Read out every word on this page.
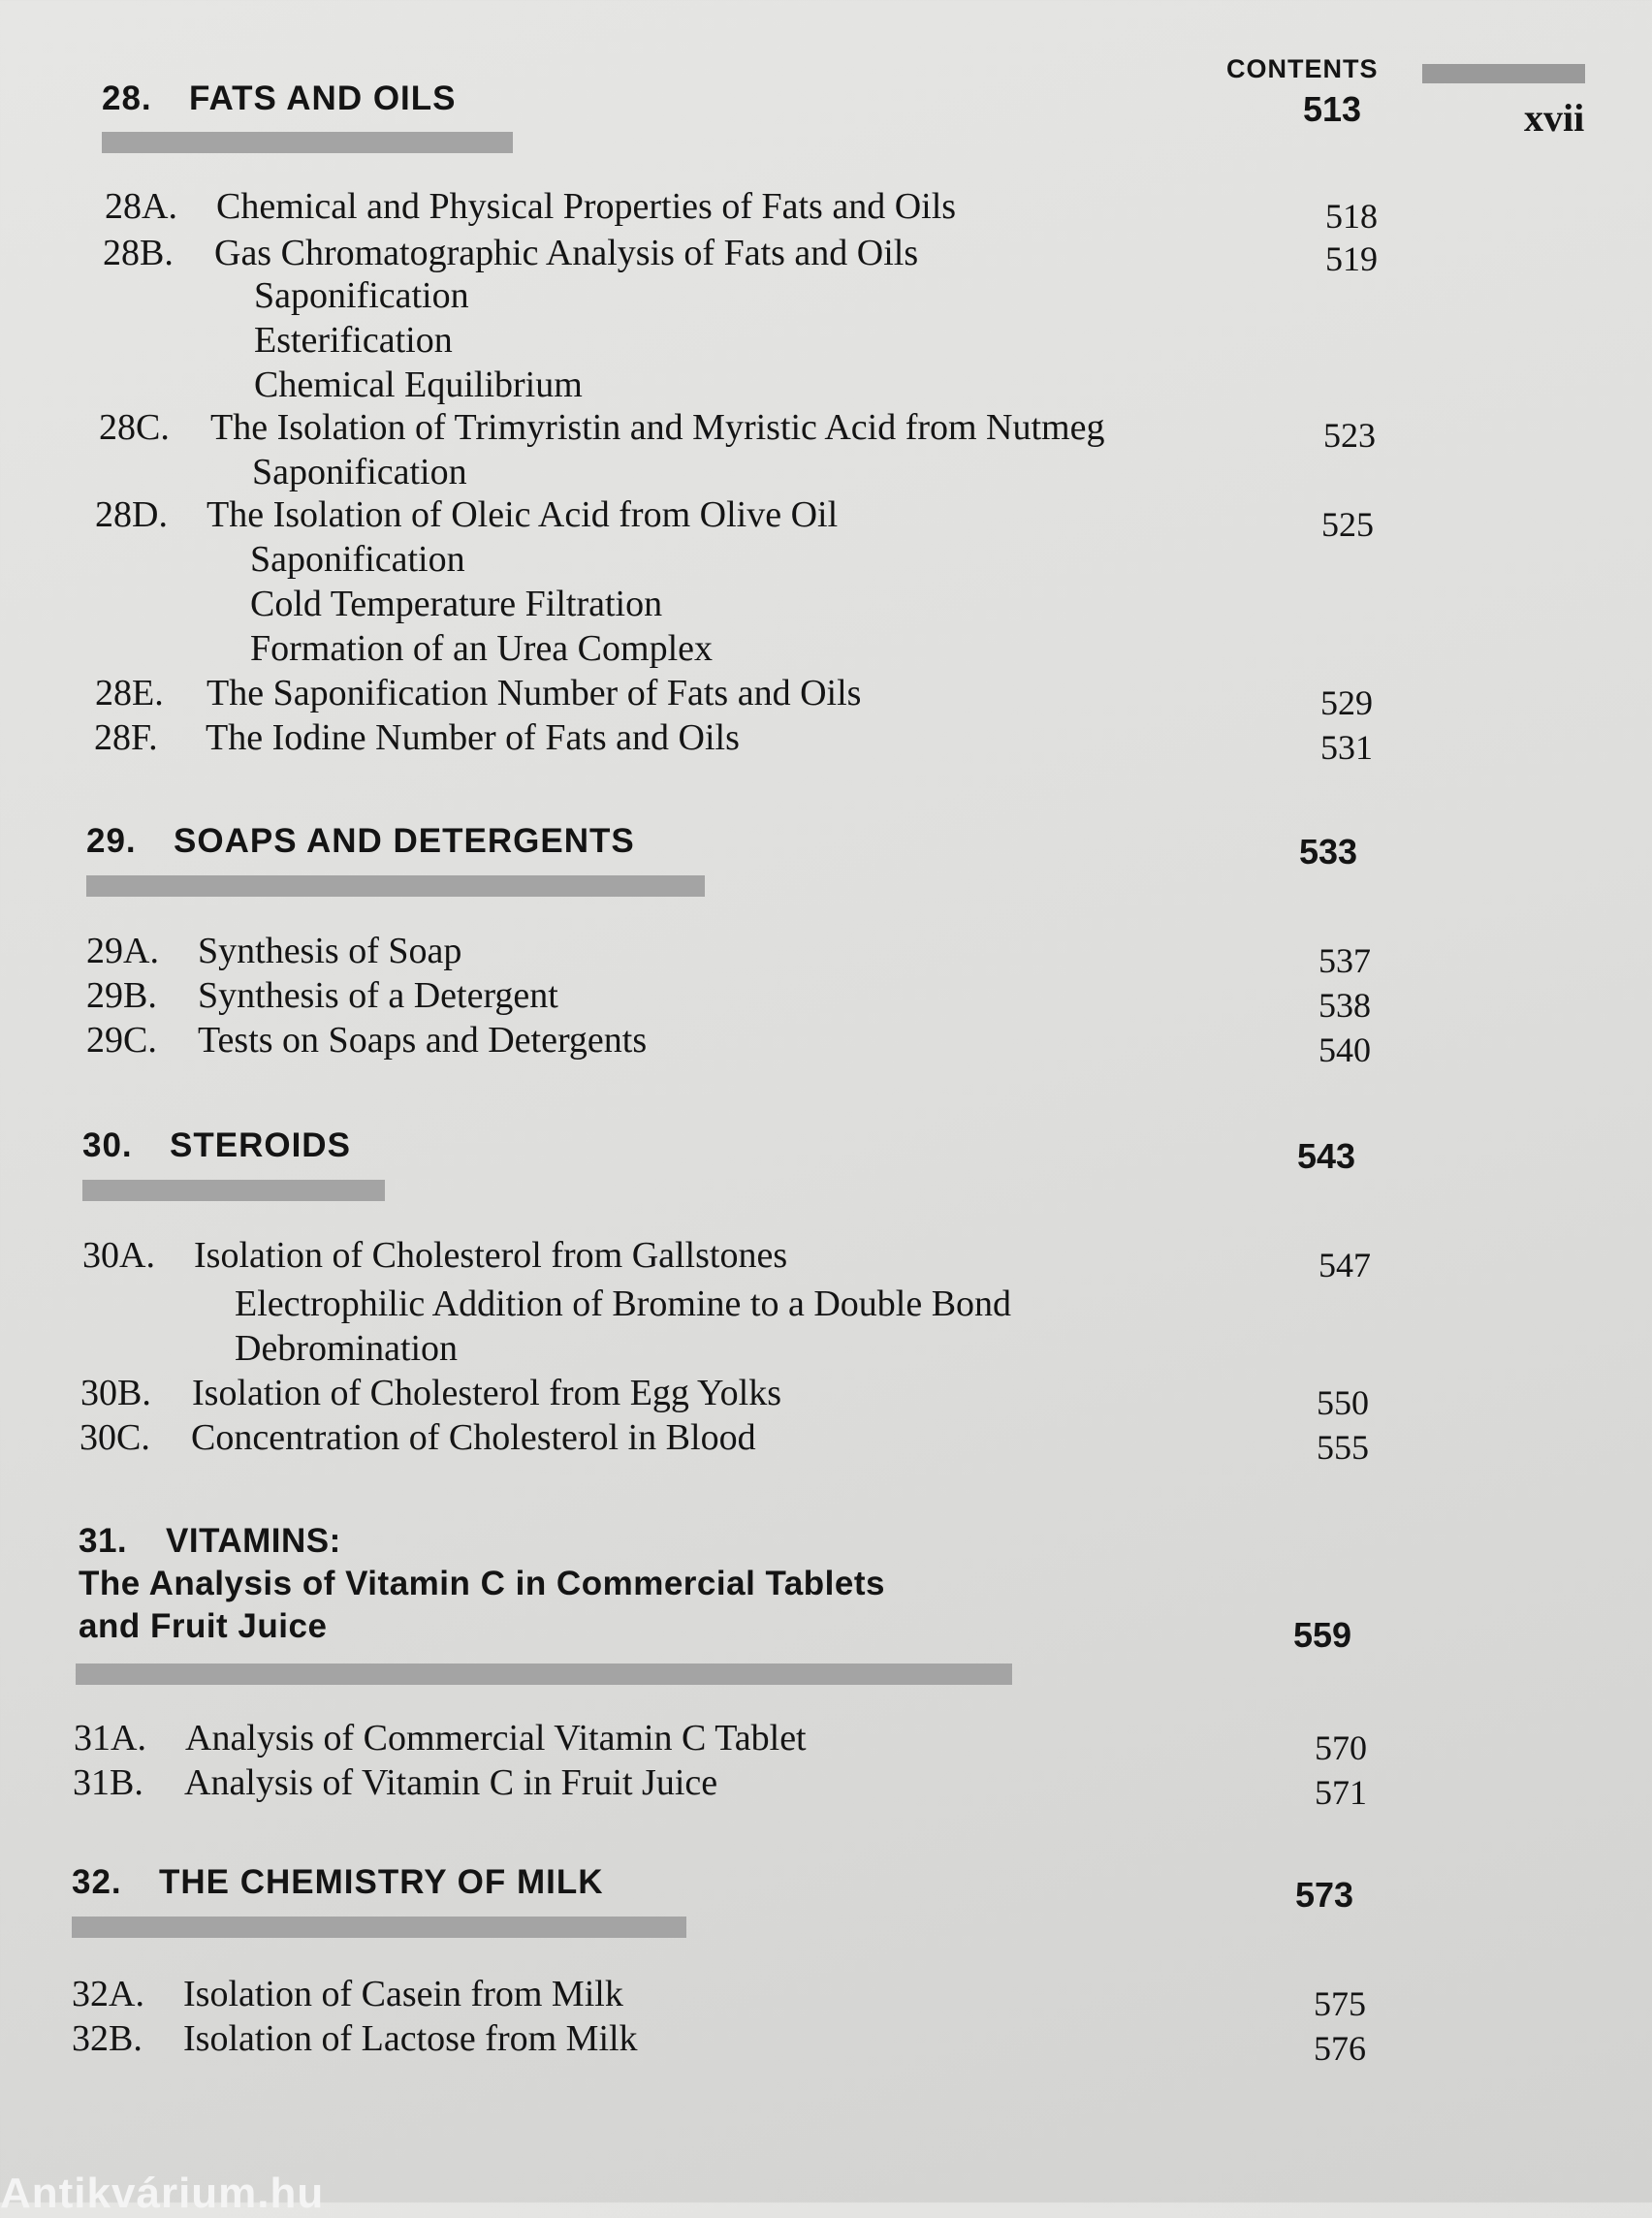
CONTENTS
xvii
28. FATS AND OILS	513
28A. Chemical and Physical Properties of Fats and Oils	518
28B. Gas Chromatographic Analysis of Fats and Oils	519
Saponification
Esterification
Chemical Equilibrium
28C. The Isolation of Trimyristin and Myristic Acid from Nutmeg	523
Saponification
28D. The Isolation of Oleic Acid from Olive Oil	525
Saponification
Cold Temperature Filtration
Formation of an Urea Complex
28E. The Saponification Number of Fats and Oils	529
28F. The Iodine Number of Fats and Oils	531
29. SOAPS AND DETERGENTS	533
29A. Synthesis of Soap	537
29B. Synthesis of a Detergent	538
29C. Tests on Soaps and Detergents	540
30. STEROIDS	543
30A. Isolation of Cholesterol from Gallstones	547
Electrophilic Addition of Bromine to a Double Bond
Debromination
30B. Isolation of Cholesterol from Egg Yolks	550
30C. Concentration of Cholesterol in Blood	555
31. VITAMINS:
The Analysis of Vitamin C in Commercial Tablets
and Fruit Juice	559
31A. Analysis of Commercial Vitamin C Tablet	570
31B. Analysis of Vitamin C in Fruit Juice	571
32. THE CHEMISTRY OF MILK	573
32A. Isolation of Casein from Milk	575
32B. Isolation of Lactose from Milk	576
Antikvárium.hu
